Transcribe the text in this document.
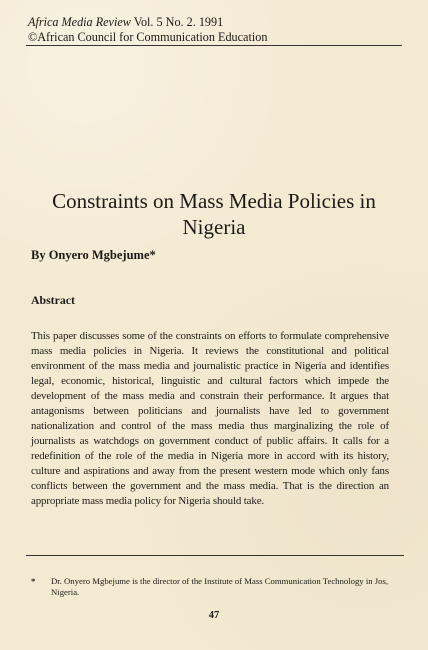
Africa Media Review Vol. 5 No. 2. 1991
©African Council for Communication Education
Constraints on Mass Media Policies in Nigeria
By Onyero Mgbejume*
Abstract

This paper discusses some of the constraints on efforts to formulate comprehensive mass media policies in Nigeria. It reviews the constitutional and political environment of the mass media and journalistic practice in Nigeria and identifies legal, economic, historical, linguistic and cultural factors which impede the development of the mass media and constrain their performance. It argues that antagonisms between politicians and journalists have led to government nationalization and control of the mass media thus marginalizing the role of journalists as watchdogs on government conduct of public affairs. It calls for a redefinition of the role of the media in Nigeria more in accord with its history, culture and aspirations and away from the present western mode which only fans conflicts between the government and the mass media. That is the direction an appropriate mass media policy for Nigeria should take.

* Dr. Onyero Mgbejume is the director of the Institute of Mass Communication Technology in Jos, Nigeria.
47
